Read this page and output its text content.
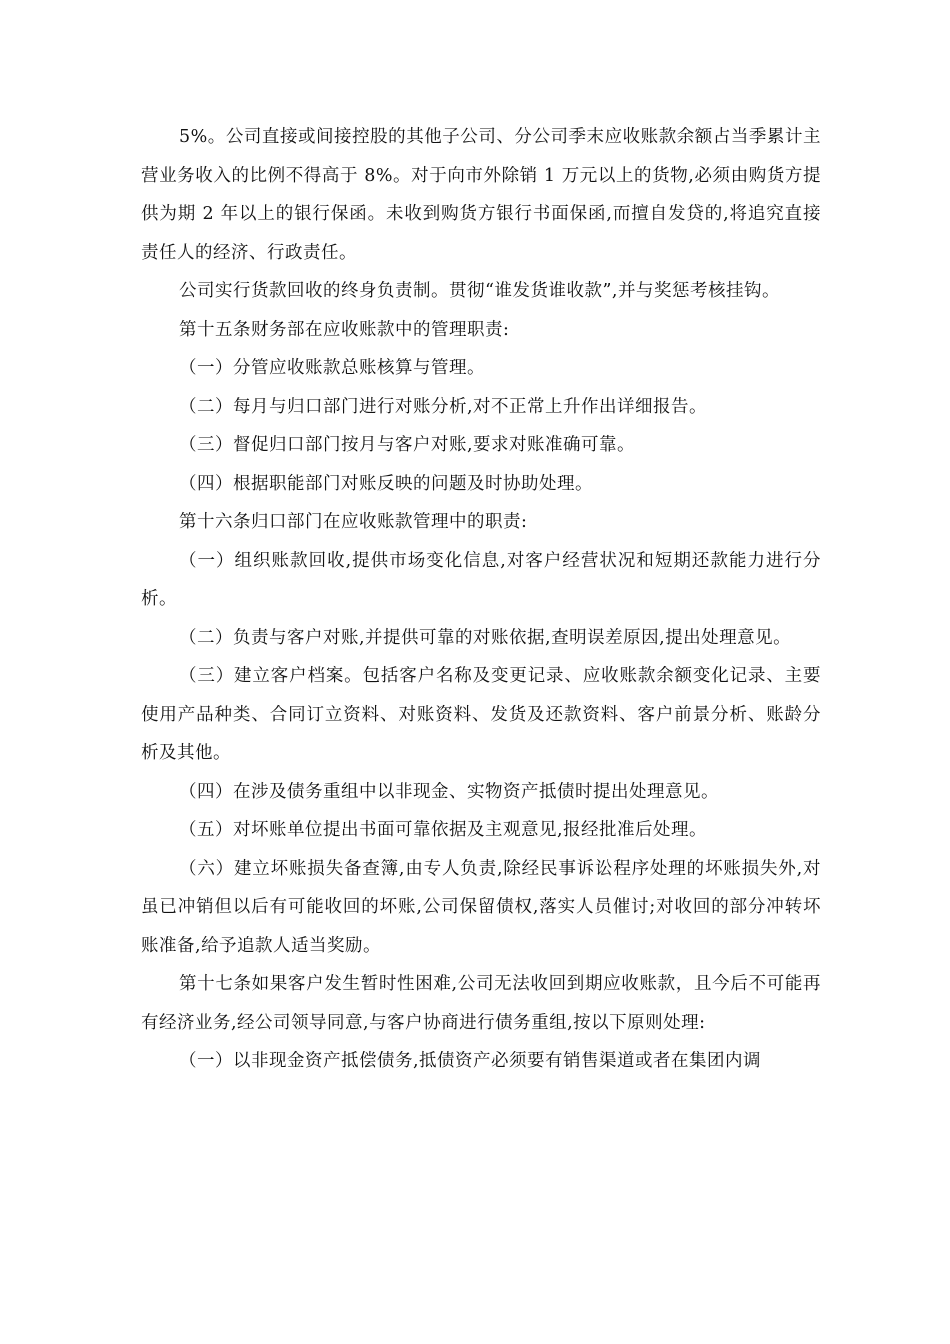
5%。公司直接或间接控股的其他子公司、分公司季末应收账款余额占当季累计主营业务收入的比例不得高于 8%。对于向市外除销 1 万元以上的货物,必须由购货方提供为期 2 年以上的银行保函。未收到购货方银行书面保函,而擅自发贷的,将追究直接责任人的经济、行政责任。

公司实行货款回收的终身负责制。贯彻“谁发货谁收款”,并与奖惩考核挂钩。

第十五条财务部在应收账款中的管理职责:

（一）分管应收账款总账核算与管理。

（二）每月与归口部门进行对账分析,对不正常上升作出详细报告。

（三）督促归口部门按月与客户对账,要求对账准确可靠。

（四）根据职能部门对账反映的问题及时协助处理。

第十六条归口部门在应收账款管理中的职责:

（一）组织账款回收,提供市场变化信息,对客户经营状况和短期还款能力进行分析。

（二）负责与客户对账,并提供可靠的对账依据,查明误差原因,提出处理意见。

（三）建立客户档案。包括客户名称及变更记录、应收账款余额变化记录、主要使用产品种类、合同订立资料、对账资料、发货及还款资料、客户前景分析、账龄分析及其他。

（四）在涉及债务重组中以非现金、实物资产抵债时提出处理意见。

（五）对坏账单位提出书面可靠依据及主观意见,报经批准后处理。

（六）建立坏账损失备查簿,由专人负责,除经民事诉讼程序处理的坏账损失外,对虽已冲销但以后有可能收回的坏账,公司保留债权,落实人员催讨;对收回的部分冲转坏账准备,给予追款人适当奖励。

第十七条如果客户发生暂时性困难,公司无法收回到期应收账款，且今后不可能再有经济业务,经公司领导同意,与客户协商进行债务重组,按以下原则处理:

（一）以非现金资产抵偿债务,抵债资产必须要有销售渠道或者在集团内调
